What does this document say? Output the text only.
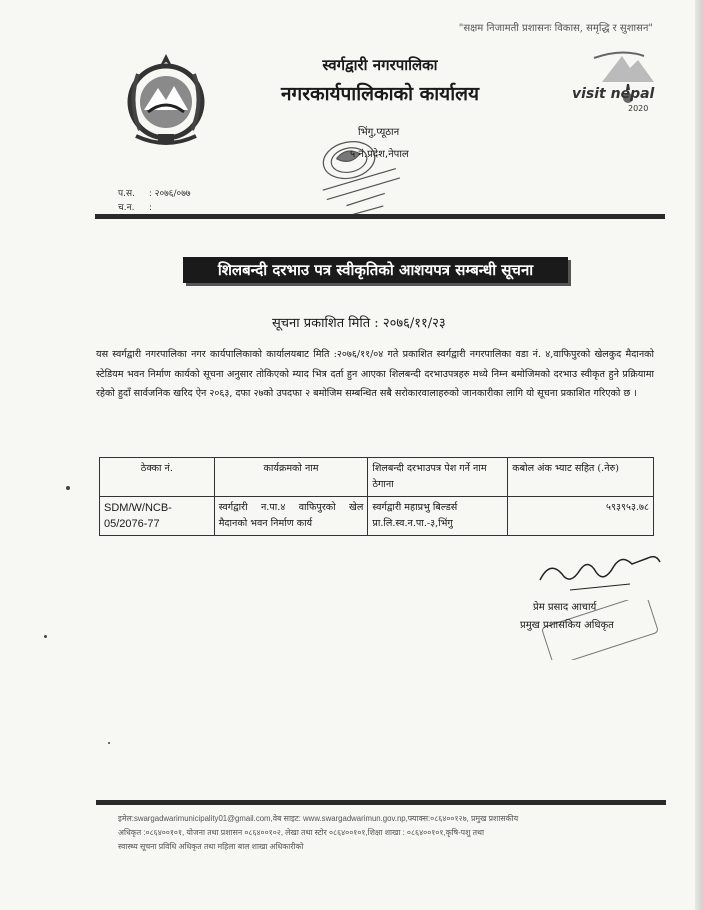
"सक्षम निजामती प्रशासनः विकास, समृद्धि र सुशासन"
स्वर्गद्वारी नगरपालिका
नगरकार्यपालिकाको कार्यालय	visit nepal
2020
भिंगु,प्यूठान
५ नं.प्रदेश,नेपाल
प.स. : २०७६/०७७
च.न. :
शिलबन्दी दरभाउ पत्र स्वीकृतिको आशयपत्र सम्बन्धी सूचना
सूचना प्रकाशित मिति : २०७६/११/२३
यस स्वर्गद्वारी नगरपालिका नगर कार्यपालिकाको कार्यालयबाट मिति :२०७६/११/०४ गते प्रकाशित स्वर्गद्वारी नगरपालिका वडा नं. ४,वाफिपुरको खेलकुद मैदानको स्टेडियम भवन निर्माण कार्यको सूचना अनुसार तोकिएको म्याद भित्र दर्ता हुन आएका शिलबन्दी दरभाउपत्रहरु मध्ये निम्न बमोजिमको दरभाउ स्वीकृत हुने प्रक्रियामा रहेको हुदाँ सार्वजनिक खरिद ऐन २०६३, दफा २७को उपदफा २ बमोजिम सम्बन्धित सबै सरोकारवालाहरुको जानकारीका लागि यो सूचना प्रकाशित गरिएको छ ।
ठेक्का नं.	कार्यक्रमको नाम	शिलबन्दी दरभाउपत्र पेश गर्ने नाम ठेगाना	कबोल अंक भ्याट सहित (.नेरु)
SDM/W/NCB-05/2076-77	स्वर्गद्वारी न.पा.४ वाफिपुरको खेल मैदानको भवन निर्माण कार्य	स्वर्गद्वारी महाप्रभु बिल्डर्स प्रा.लि.स्व.न.पा.-३,भिंगु	५९३९५३.७८
प्रेम प्रसाद आचार्य
प्रमुख प्रशासकिय अधिकृत
इमेल:swargadwarimunicipality01@gmail.com,वेब साइट: www.swargadwarimun.gov.np,फ्याक्स:०८६४००१२७, प्रमुख प्रशासकीय
अधिकृत :०८६४००१०१, योजना तथा प्रशासन ०८६४००१०२, लेखा तथा स्टोर ०८६४००१०१,शिक्षा शाखा : ०८६४००१०१,कृषि-पशु तथा
स्वास्थ्य सूचना प्रविधि अधिकृत तथा महिला बाल शाखा अधिकारीको
